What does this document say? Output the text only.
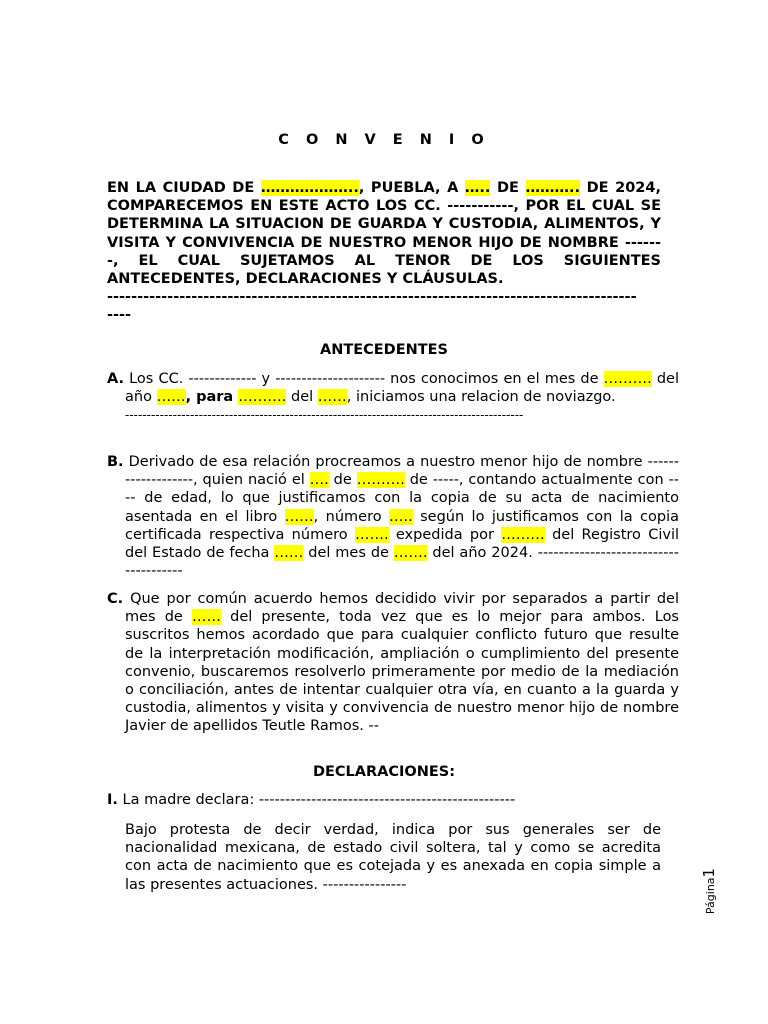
C O N V E N I O
EN LA CIUDAD DE ……………….., PUEBLA, A ….. DE ……….. DE 2024, COMPARECEMOS EN ESTE ACTO LOS CC. -----------, POR EL CUAL SE DETERMINA LA SITUACION DE GUARDA Y CUSTODIA, ALIMENTOS, Y VISITA Y CONVIVENCIA DE NUESTRO MENOR HIJO DE NOMBRE -------, EL CUAL SUJETAMOS AL TENOR DE LOS SIGUIENTES ANTECEDENTES, DECLARACIONES Y CLÁUSULAS.
----------------------------------------------------------------------------------------
----
ANTECEDENTES
A. Los CC. ------------- y --------------------- nos conocimos en el mes de ………. del año ……, para ………. del ……, iniciamos una relacion de noviazgo.
--------------------------------------------------------------------------------------------
B. Derivado de esa relación procreamos a nuestro menor hijo de nombre -------------------, quien nació el …. de ………. de -----, contando actualmente con ---- de edad, lo que justificamos con la copia de su acta de nacimiento asentada en el libro ……, número ….. según lo justificamos con la copia certificada respectiva número ……. expedida por ……… del Registro Civil del Estado de fecha …… del mes de ……. del año 2024. --------------------------------------
C. Que por común acuerdo hemos decidido vivir por separados a partir del mes de …… del presente, toda vez que es lo mejor para ambos. Los suscritos hemos acordado que para cualquier conflicto futuro que resulte de la interpretación modificación, ampliación o cumplimiento del presente convenio, buscaremos resolverlo primeramente por medio de la mediación o conciliación, antes de intentar cualquier otra vía, en cuanto a la guarda y custodia, alimentos y visita y convivencia de nuestro menor hijo de nombre Javier de apellidos Teutle Ramos. --
DECLARACIONES:
I. La madre declara: -------------------------------------------------
Bajo protesta de decir verdad, indica por sus generales ser de nacionalidad mexicana, de estado civil soltera, tal y como se acredita con acta de nacimiento que es cotejada y es anexada en copia simple a las presentes actuaciones. ----------------	Página1
